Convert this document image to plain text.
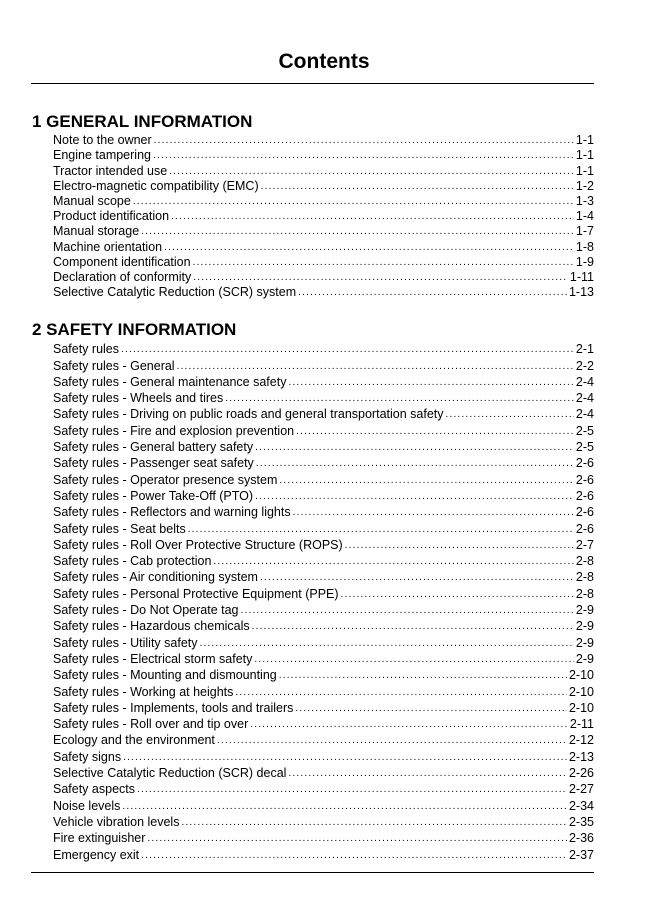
Contents
1 GENERAL INFORMATION
Note to the owner .....	1-1
Engine tampering .....	1-1
Tractor intended use .....	1-1
Electro-magnetic compatibility (EMC) .....	1-2
Manual scope .....	1-3
Product identification .....	1-4
Manual storage .....	1-7
Machine orientation .....	1-8
Component identification .....	1-9
Declaration of conformity .....	1-11
Selective Catalytic Reduction (SCR) system .....	1-13
2 SAFETY INFORMATION
Safety rules .....	2-1
Safety rules - General .....	2-2
Safety rules - General maintenance safety .....	2-4
Safety rules - Wheels and tires .....	2-4
Safety rules - Driving on public roads and general transportation safety .....	2-4
Safety rules - Fire and explosion prevention .....	2-5
Safety rules - General battery safety .....	2-5
Safety rules - Passenger seat safety .....	2-6
Safety rules - Operator presence system .....	2-6
Safety rules - Power Take-Off (PTO) .....	2-6
Safety rules - Reflectors and warning lights .....	2-6
Safety rules - Seat belts .....	2-6
Safety rules - Roll Over Protective Structure (ROPS) .....	2-7
Safety rules - Cab protection .....	2-8
Safety rules - Air conditioning system .....	2-8
Safety rules - Personal Protective Equipment (PPE) .....	2-8
Safety rules - Do Not Operate tag .....	2-9
Safety rules - Hazardous chemicals .....	2-9
Safety rules - Utility safety .....	2-9
Safety rules - Electrical storm safety .....	2-9
Safety rules - Mounting and dismounting .....	2-10
Safety rules - Working at heights .....	2-10
Safety rules - Implements, tools and trailers .....	2-10
Safety rules - Roll over and tip over .....	2-11
Ecology and the environment .....	2-12
Safety signs .....	2-13
Selective Catalytic Reduction (SCR) decal .....	2-26
Safety aspects .....	2-27
Noise levels .....	2-34
Vehicle vibration levels .....	2-35
Fire extinguisher .....	2-36
Emergency exit .....	2-37
